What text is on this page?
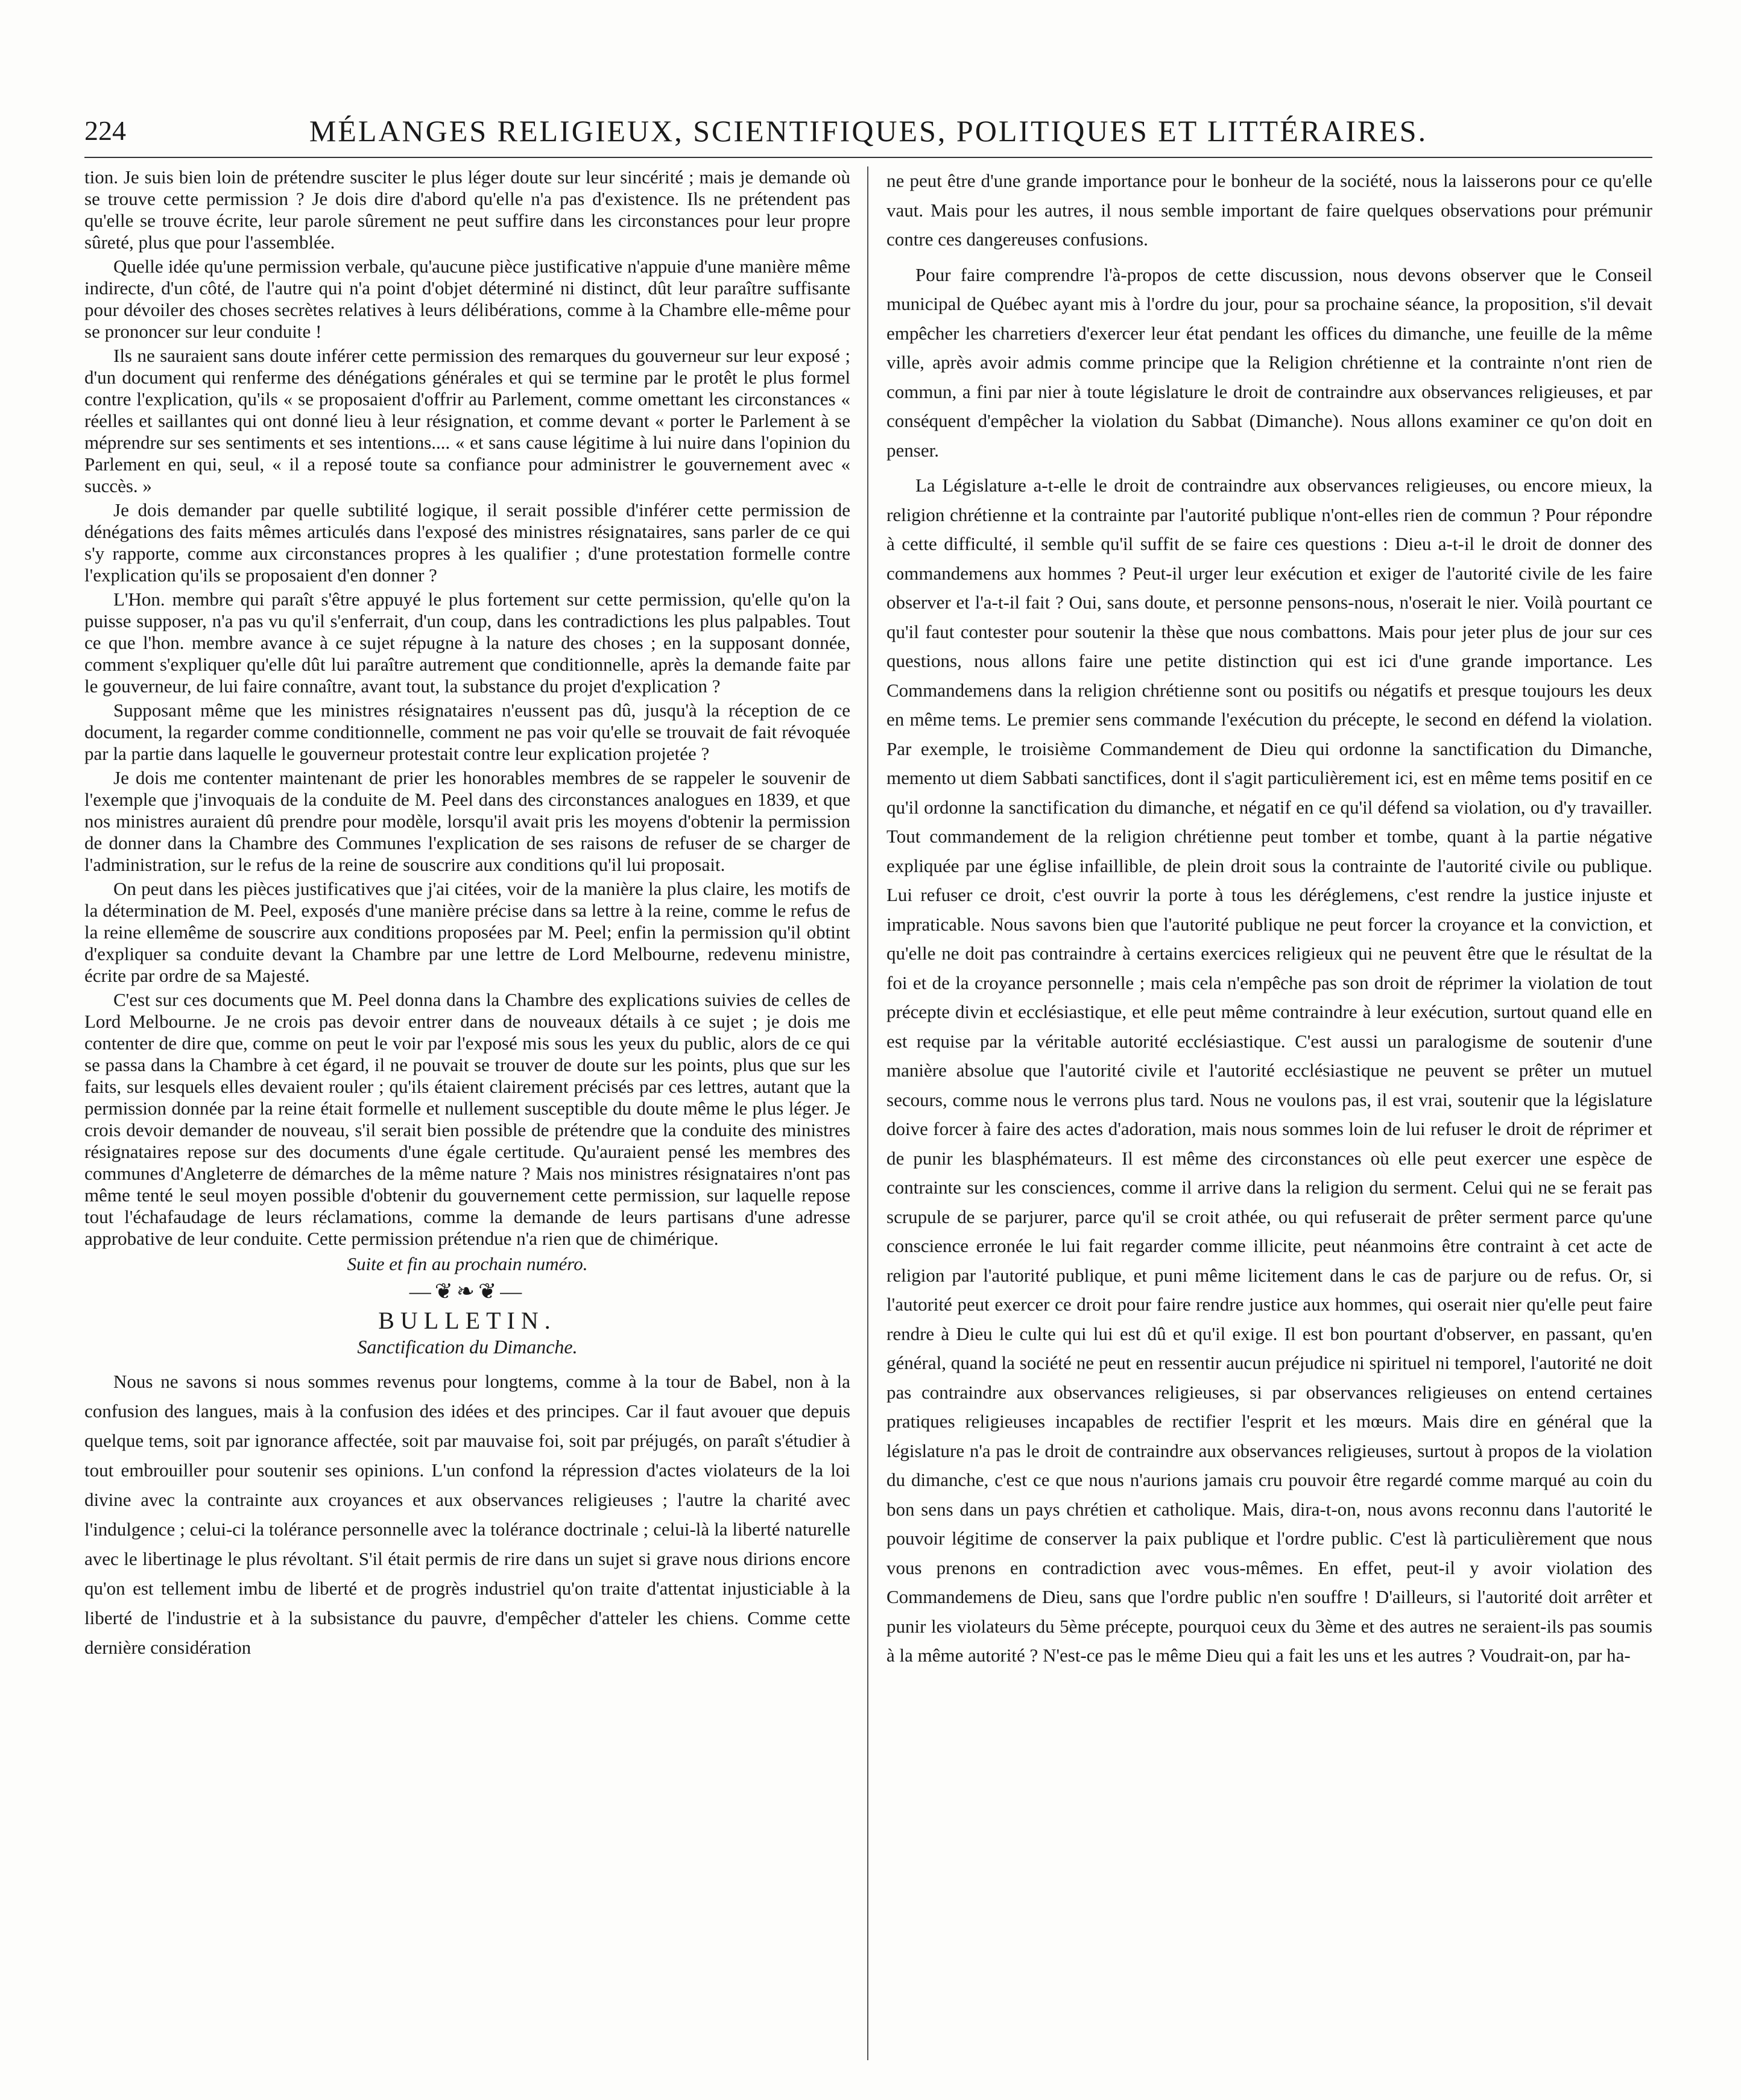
224	MÉLANGES RELIGIEUX, SCIENTIFIQUES, POLITIQUES ET LITTÉRAIRES.

tion. Je suis bien loin de prétendre susciter le plus léger doute sur leur sincérité ; mais je demande où se trouve cette permission ? Je dois dire d'abord qu'elle n'a pas d'existence. Ils ne prétendent pas qu'elle se trouve écrite, leur parole sûrement ne peut suffire dans les circonstances pour leur propre sûreté, plus que pour l'assemblée.

Quelle idée qu'une permission verbale, qu'aucune pièce justificative n'appuie d'une manière même indirecte, d'un côté, de l'autre qui n'a point d'objet déterminé ni distinct, dût leur paraître suffisante pour dévoiler des choses secrètes relatives à leurs délibérations, comme à la Chambre elle-même pour se prononcer sur leur conduite !

Ils ne sauraient sans doute inférer cette permission des remarques du gouverneur sur leur exposé ; d'un document qui renferme des dénégations générales et qui se termine par le protêt le plus formel contre l'explication, qu'ils « se proposaient d'offrir au Parlement, comme omettant les circonstances « réelles et saillantes qui ont donné lieu à leur résignation, et comme devant « porter le Parlement à se méprendre sur ses sentiments et ses intentions.... « et sans cause légitime à lui nuire dans l'opinion du Parlement en qui, seul, « il a reposé toute sa confiance pour administrer le gouvernement avec « succès. »

Je dois demander par quelle subtilité logique, il serait possible d'inférer cette permission de dénégations des faits mêmes articulés dans l'exposé des ministres résignataires, sans parler de ce qui s'y rapporte, comme aux circonstances propres à les qualifier ; d'une protestation formelle contre l'explication qu'ils se proposaient d'en donner ?

L'Hon. membre qui paraît s'être appuyé le plus fortement sur cette permission, qu'elle qu'on la puisse supposer, n'a pas vu qu'il s'enferrait, d'un coup, dans les contradictions les plus palpables. Tout ce que l'hon. membre avance à ce sujet répugne à la nature des choses ; en la supposant donnée, comment s'expliquer qu'elle dût lui paraître autrement que conditionnelle, après la demande faite par le gouverneur, de lui faire connaître, avant tout, la substance du projet d'explication ?

Supposant même que les ministres résignataires n'eussent pas dû, jusqu'à la réception de ce document, la regarder comme conditionnelle, comment ne pas voir qu'elle se trouvait de fait révoquée par la partie dans laquelle le gouverneur protestait contre leur explication projetée ?

Je dois me contenter maintenant de prier les honorables membres de se rappeler le souvenir de l'exemple que j'invoquais de la conduite de M. Peel dans des circonstances analogues en 1839, et que nos ministres auraient dû prendre pour modèle, lorsqu'il avait pris les moyens d'obtenir la permission de donner dans la Chambre des Communes l'explication de ses raisons de refuser de se charger de l'administration, sur le refus de la reine de souscrire aux conditions qu'il lui proposait.

On peut dans les pièces justificatives que j'ai citées, voir de la manière la plus claire, les motifs de la détermination de M. Peel, exposés d'une manière précise dans sa lettre à la reine, comme le refus de la reine ellemême de souscrire aux conditions proposées par M. Peel; enfin la permission qu'il obtint d'expliquer sa conduite devant la Chambre par une lettre de Lord Melbourne, redevenu ministre, écrite par ordre de sa Majesté.

C'est sur ces documents que M. Peel donna dans la Chambre des explications suivies de celles de Lord Melbourne. Je ne crois pas devoir entrer dans de nouveaux détails à ce sujet ; je dois me contenter de dire que, comme on peut le voir par l'exposé mis sous les yeux du public, alors de ce qui se passa dans la Chambre à cet égard, il ne pouvait se trouver de doute sur les points, plus que sur les faits, sur lesquels elles devaient rouler ; qu'ils étaient clairement précisés par ces lettres, autant que la permission donnée par la reine était formelle et nullement susceptible du doute même le plus léger. Je crois devoir demander de nouveau, s'il serait bien possible de prétendre que la conduite des ministres résignataires repose sur des documents d'une égale certitude. Qu'auraient pensé les membres des communes d'Angleterre de démarches de la même nature ? Mais nos ministres résignataires n'ont pas même tenté le seul moyen possible d'obtenir du gouvernement cette permission, sur laquelle repose tout l'échafaudage de leurs réclamations, comme la demande de leurs partisans d'une adresse approbative de leur conduite. Cette permission prétendue n'a rien que de chimérique.

Suite et fin au prochain numéro.
—❦❧❦—
BULLETIN.
Sanctification du Dimanche.

Nous ne savons si nous sommes revenus pour longtems, comme à la tour de Babel, non à la confusion des langues, mais à la confusion des idées et des principes. Car il faut avouer que depuis quelque tems, soit par ignorance affectée, soit par mauvaise foi, soit par préjugés, on paraît s'étudier à tout embrouiller pour soutenir ses opinions. L'un confond la répression d'actes violateurs de la loi divine avec la contrainte aux croyances et aux observances religieuses ; l'autre la charité avec l'indulgence ; celui-ci la tolérance personnelle avec la tolérance doctrinale ; celui-là la liberté naturelle avec le libertinage le plus révoltant. S'il était permis de rire dans un sujet si grave nous dirions encore qu'on est tellement imbu de liberté et de progrès industriel qu'on traite d'attentat injusticiable à la liberté de l'industrie et à la subsistance du pauvre, d'empêcher d'atteler les chiens. Comme cette dernière considération

ne peut être d'une grande importance pour le bonheur de la société, nous la laisserons pour ce qu'elle vaut. Mais pour les autres, il nous semble important de faire quelques observations pour prémunir contre ces dangereuses confusions.

Pour faire comprendre l'à-propos de cette discussion, nous devons observer que le Conseil municipal de Québec ayant mis à l'ordre du jour, pour sa prochaine séance, la proposition, s'il devait empêcher les charretiers d'exercer leur état pendant les offices du dimanche, une feuille de la même ville, après avoir admis comme principe que la Religion chrétienne et la contrainte n'ont rien de commun, a fini par nier à toute législature le droit de contraindre aux observances religieuses, et par conséquent d'empêcher la violation du Sabbat (Dimanche). Nous allons examiner ce qu'on doit en penser.

La Législature a-t-elle le droit de contraindre aux observances religieuses, ou encore mieux, la religion chrétienne et la contrainte par l'autorité publique n'ont-elles rien de commun ? Pour répondre à cette difficulté, il semble qu'il suffit de se faire ces questions : Dieu a-t-il le droit de donner des commandemens aux hommes ? Peut-il urger leur exécution et exiger de l'autorité civile de les faire observer et l'a-t-il fait ? Oui, sans doute, et personne pensons-nous, n'oserait le nier. Voilà pourtant ce qu'il faut contester pour soutenir la thèse que nous combattons. Mais pour jeter plus de jour sur ces questions, nous allons faire une petite distinction qui est ici d'une grande importance. Les Commandemens dans la religion chrétienne sont ou positifs ou négatifs et presque toujours les deux en même tems. Le premier sens commande l'exécution du précepte, le second en défend la violation. Par exemple, le troisième Commandement de Dieu qui ordonne la sanctification du Dimanche, memento ut diem Sabbati sanctifices, dont il s'agit particulièrement ici, est en même tems positif en ce qu'il ordonne la sanctification du dimanche, et négatif en ce qu'il défend sa violation, ou d'y travailler. Tout commandement de la religion chrétienne peut tomber et tombe, quant à la partie négative expliquée par une église infaillible, de plein droit sous la contrainte de l'autorité civile ou publique. Lui refuser ce droit, c'est ouvrir la porte à tous les déréglemens, c'est rendre la justice injuste et impraticable. Nous savons bien que l'autorité publique ne peut forcer la croyance et la conviction, et qu'elle ne doit pas contraindre à certains exercices religieux qui ne peuvent être que le résultat de la foi et de la croyance personnelle ; mais cela n'empêche pas son droit de réprimer la violation de tout précepte divin et ecclésiastique, et elle peut même contraindre à leur exécution, surtout quand elle en est requise par la véritable autorité ecclésiastique. C'est aussi un paralogisme de soutenir d'une manière absolue que l'autorité civile et l'autorité ecclésiastique ne peuvent se prêter un mutuel secours, comme nous le verrons plus tard. Nous ne voulons pas, il est vrai, soutenir que la législature doive forcer à faire des actes d'adoration, mais nous sommes loin de lui refuser le droit de réprimer et de punir les blasphémateurs. Il est même des circonstances où elle peut exercer une espèce de contrainte sur les consciences, comme il arrive dans la religion du serment. Celui qui ne se ferait pas scrupule de se parjurer, parce qu'il se croit athée, ou qui refuserait de prêter serment parce qu'une conscience erronée le lui fait regarder comme illicite, peut néanmoins être contraint à cet acte de religion par l'autorité publique, et puni même licitement dans le cas de parjure ou de refus. Or, si l'autorité peut exercer ce droit pour faire rendre justice aux hommes, qui oserait nier qu'elle peut faire rendre à Dieu le culte qui lui est dû et qu'il exige. Il est bon pourtant d'observer, en passant, qu'en général, quand la société ne peut en ressentir aucun préjudice ni spirituel ni temporel, l'autorité ne doit pas contraindre aux observances religieuses, si par observances religieuses on entend certaines pratiques religieuses incapables de rectifier l'esprit et les mœurs. Mais dire en général que la législature n'a pas le droit de contraindre aux observances religieuses, surtout à propos de la violation du dimanche, c'est ce que nous n'aurions jamais cru pouvoir être regardé comme marqué au coin du bon sens dans un pays chrétien et catholique. Mais, dira-t-on, nous avons reconnu dans l'autorité le pouvoir légitime de conserver la paix publique et l'ordre public. C'est là particulièrement que nous vous prenons en contradiction avec vous-mêmes. En effet, peut-il y avoir violation des Commandemens de Dieu, sans que l'ordre public n'en souffre ! D'ailleurs, si l'autorité doit arrêter et punir les violateurs du 5ème précepte, pourquoi ceux du 3ème et des autres ne seraient-ils pas soumis à la même autorité ? N'est-ce pas le même Dieu qui a fait les uns et les autres ? Voudrait-on, par ha-
